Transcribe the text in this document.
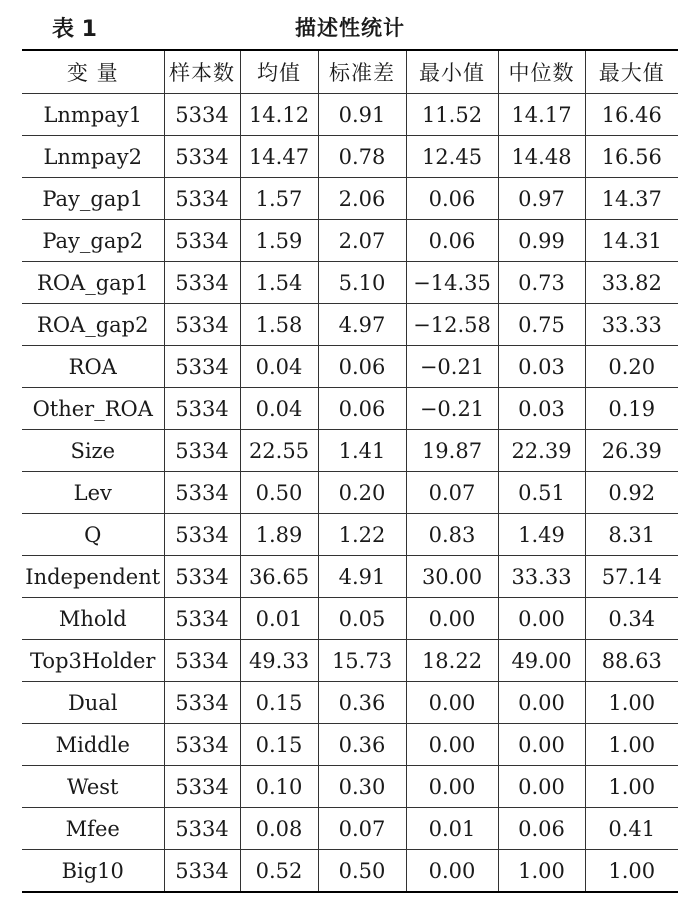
表 1	描述性统计
变 量	样本数	均值	标准差	最小值	中位数	最大值
Lnmpay1	5334	14.12	0.91	11.52	14.17	16.46
Lnmpay2	5334	14.47	0.78	12.45	14.48	16.56
Pay_gap1	5334	1.57	2.06	0.06	0.97	14.37
Pay_gap2	5334	1.59	2.07	0.06	0.99	14.31
ROA_gap1	5334	1.54	5.10	−14.35	0.73	33.82
ROA_gap2	5334	1.58	4.97	−12.58	0.75	33.33
ROA	5334	0.04	0.06	−0.21	0.03	0.20
Other_ROA	5334	0.04	0.06	−0.21	0.03	0.19
Size	5334	22.55	1.41	19.87	22.39	26.39
Lev	5334	0.50	0.20	0.07	0.51	0.92
Q	5334	1.89	1.22	0.83	1.49	8.31
Independent	5334	36.65	4.91	30.00	33.33	57.14
Mhold	5334	0.01	0.05	0.00	0.00	0.34
Top3Holder	5334	49.33	15.73	18.22	49.00	88.63
Dual	5334	0.15	0.36	0.00	0.00	1.00
Middle	5334	0.15	0.36	0.00	0.00	1.00
West	5334	0.10	0.30	0.00	0.00	1.00
Mfee	5334	0.08	0.07	0.01	0.06	0.41
Big10	5334	0.52	0.50	0.00	1.00	1.00
